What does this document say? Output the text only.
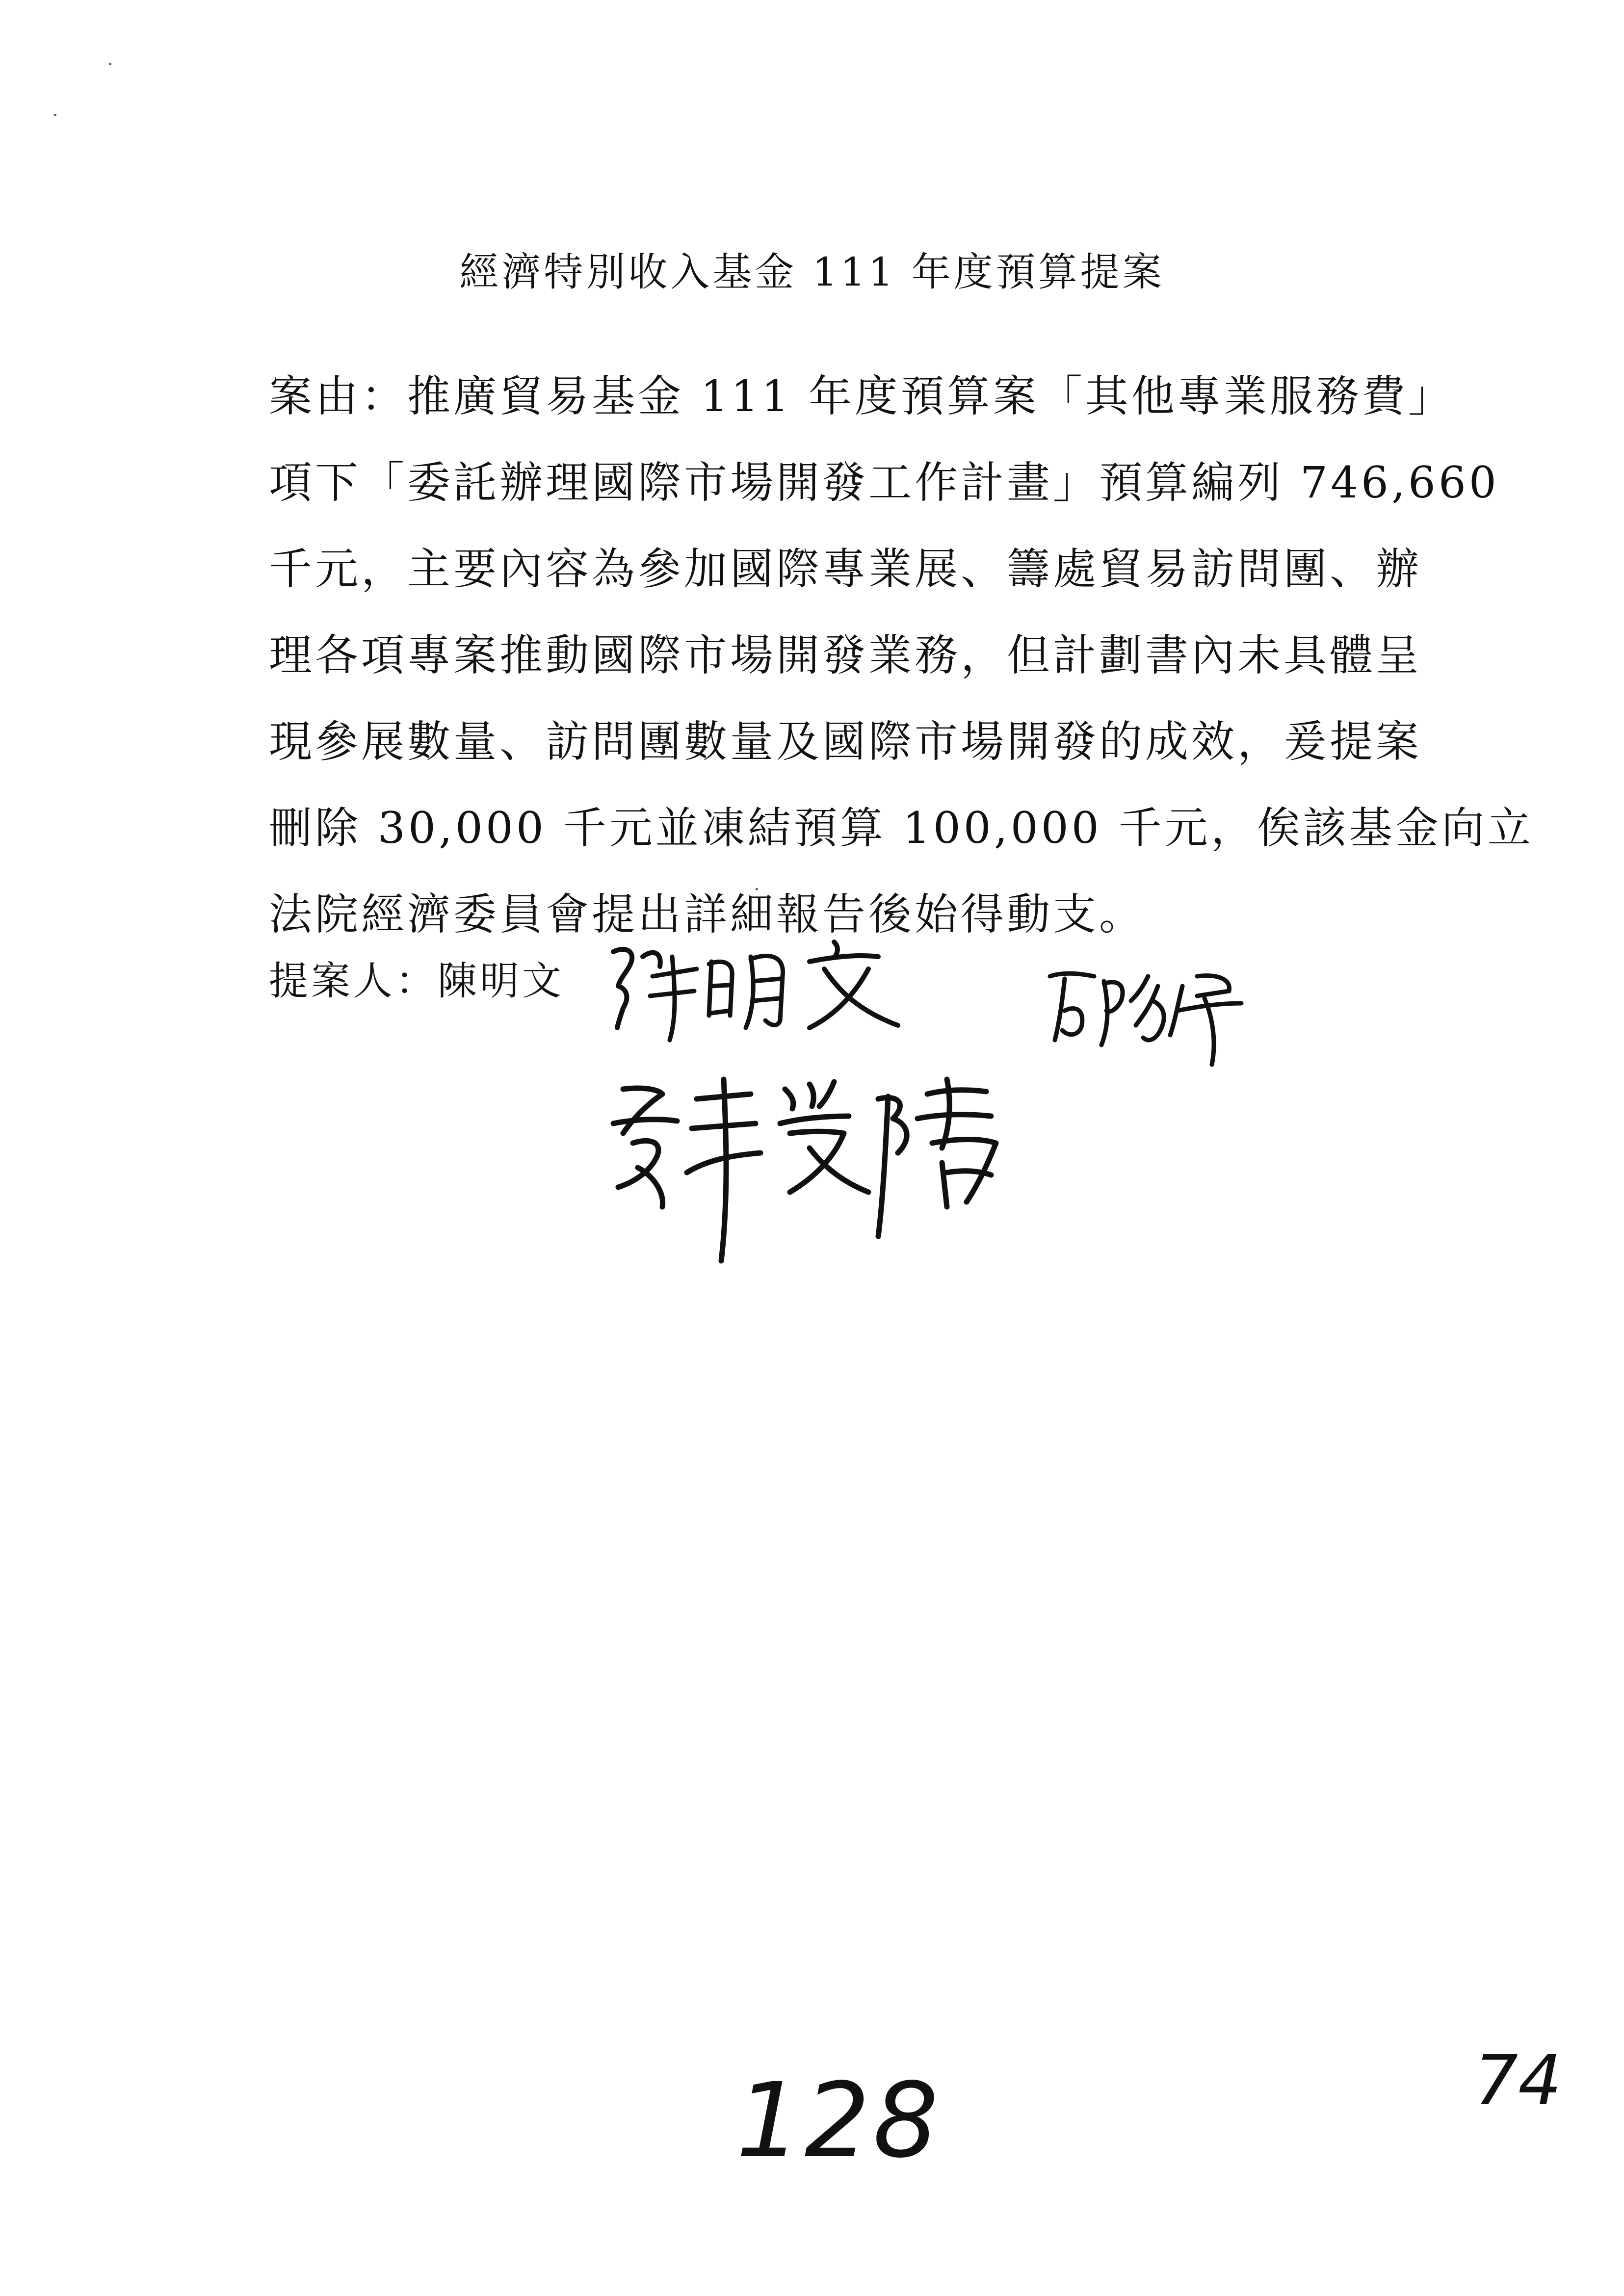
經濟特別收入基金 111 年度預算提案
案由：推廣貿易基金 111 年度預算案「其他專業服務費」
項下「委託辦理國際市場開發工作計畫」預算編列 746,660
千元，主要內容為參加國際專業展、籌處貿易訪問團、辦
理各項專案推動國際市場開發業務，但計劃書內未具體呈
現參展數量、訪問團數量及國際市場開發的成效，爰提案
刪除 30,000 千元並凍結預算 100,000 千元，俟該基金向立
法院經濟委員會提出詳細報告後始得動支。
提案人：陳明文
128	74
